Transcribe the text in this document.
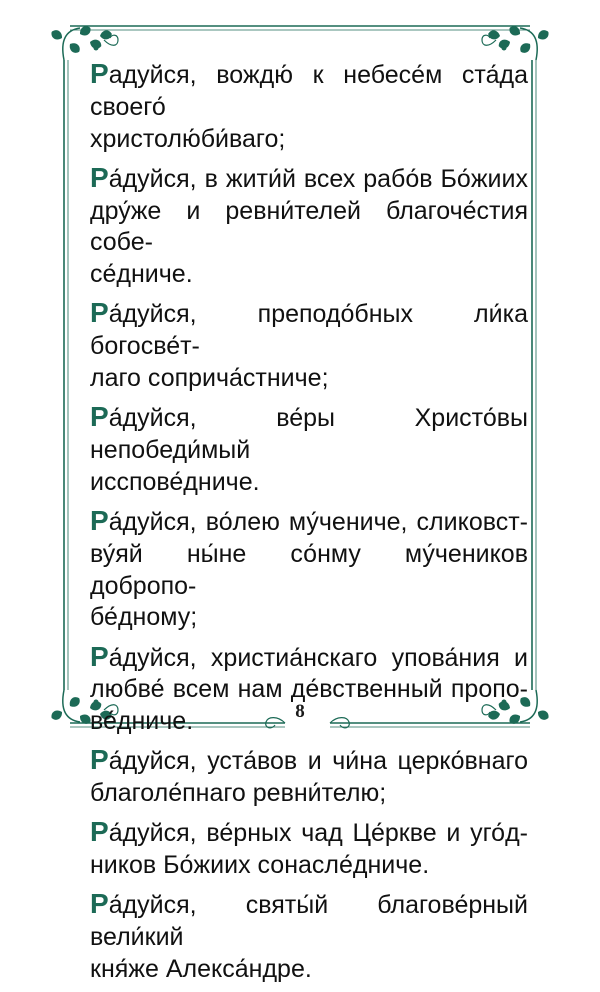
Радуйся, вождю́ к небесе́м ста́да своего́
христолю́би́ваго;
Ра́дуйся, в жити́й всех рабо́в Бо́жиих
дру́же и ревни́телей благоче́стия собе-
се́дниче.
Ра́дуйся, преподо́бных ли́ка богосве́т-
лаго соприча́стниче;
Ра́дуйся, ве́ры Христо́вы непобеди́мый
исспове́дниче.
Ра́дуйся, во́лею му́чениче, сликовст-
ву́яй ны́не со́нму му́чеников добропо-
бе́дному;
Ра́дуйся, христиа́нскаго упова́ния и
любве́ всем нам де́вственный пропо-
ве́дниче.
Ра́дуйся, уста́вов и чи́на церко́внаго
благоле́пнаго ревни́телю;
Ра́дуйся, ве́рных чад Це́ркве и уго́д-
ников Бо́жиих сонасле́дниче.
Ра́дуйся, святы́й благове́рный вели́кий
кня́же Алекса́ндре.
8
